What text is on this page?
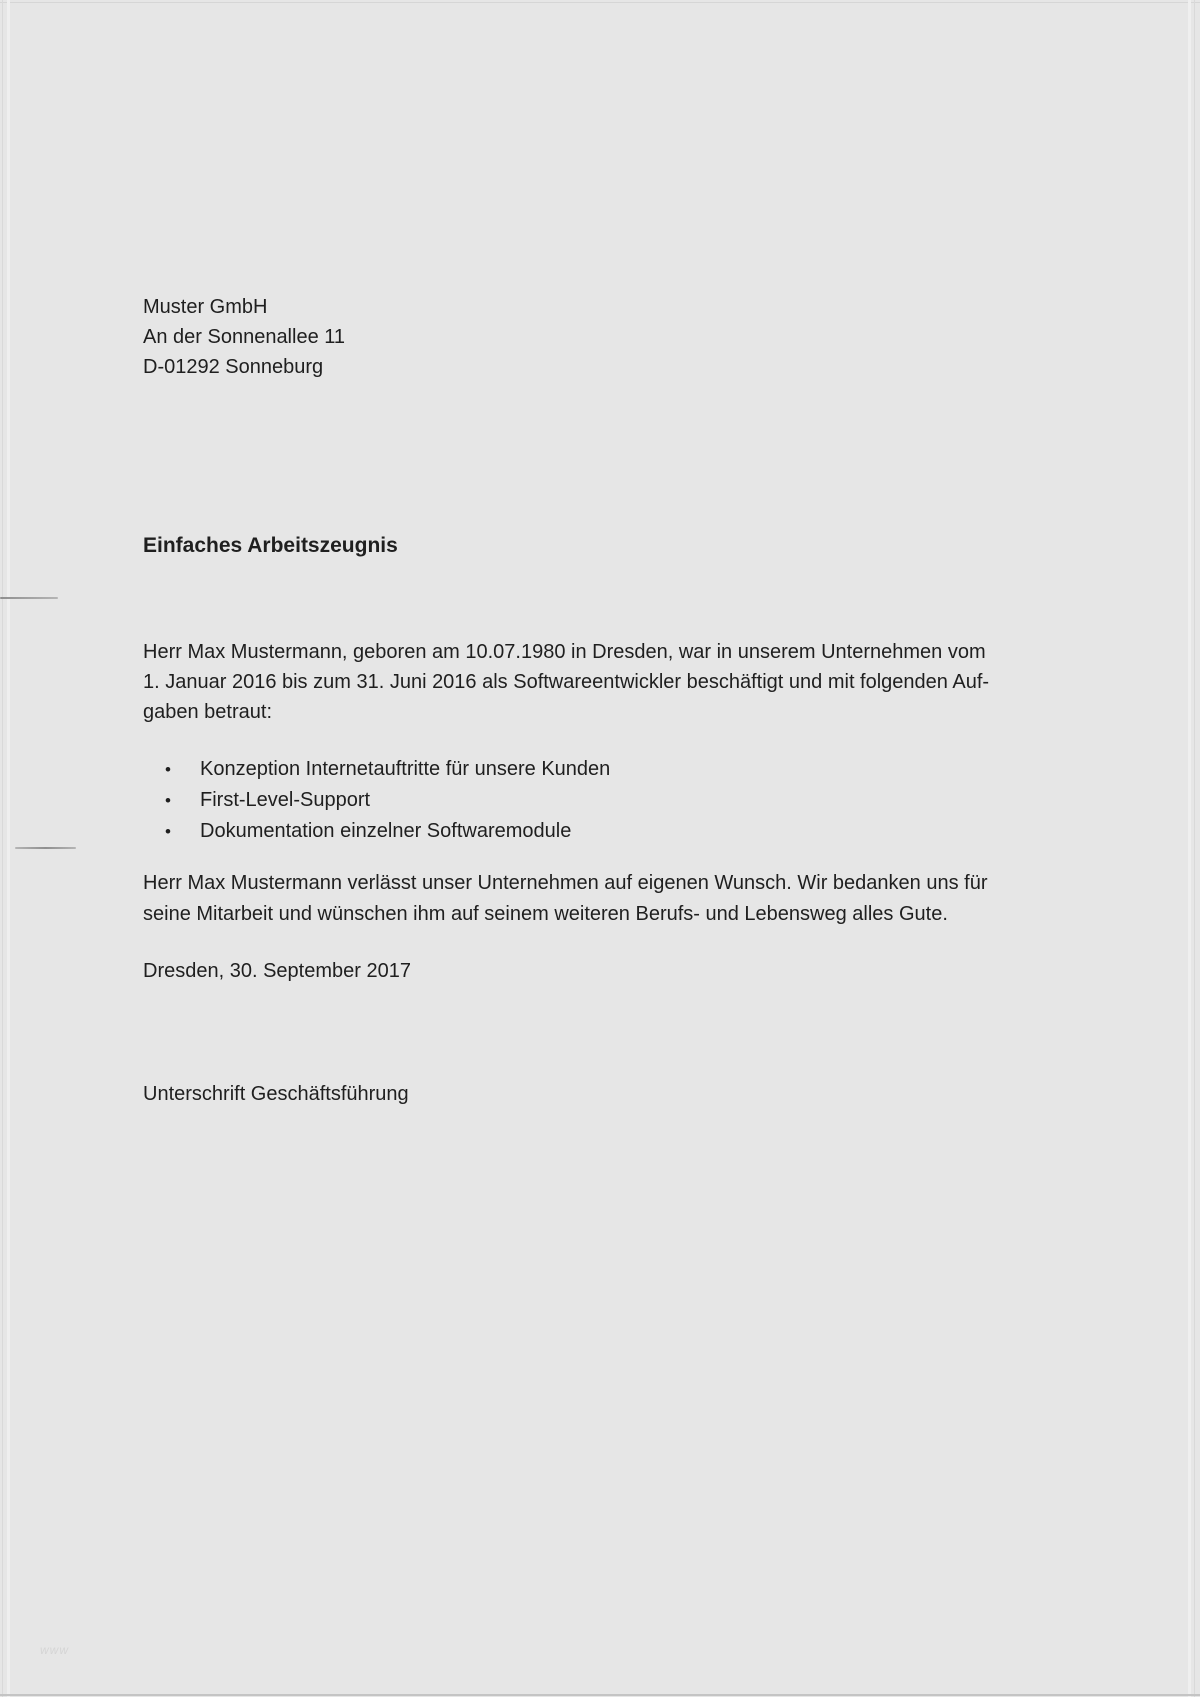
Muster GmbH
An der Sonnenallee 11
D-01292 Sonneburg
Einfaches Arbeitszeugnis
Herr Max Mustermann, geboren am 10.07.1980 in Dresden, war in unserem Unternehmen vom
1. Januar 2016 bis zum 31. Juni 2016 als Softwareentwickler beschäftigt und mit folgenden Auf-
gaben betraut:
•	Konzeption Internetauftritte für unsere Kunden
•	First-Level-Support
•	Dokumentation einzelner Softwaremodule
Herr Max Mustermann verlässt unser Unternehmen auf eigenen Wunsch. Wir bedanken uns für
seine Mitarbeit und wünschen ihm auf seinem weiteren Berufs- und Lebensweg alles Gute.
Dresden, 30. September 2017
Unterschrift Geschäftsführung
www
